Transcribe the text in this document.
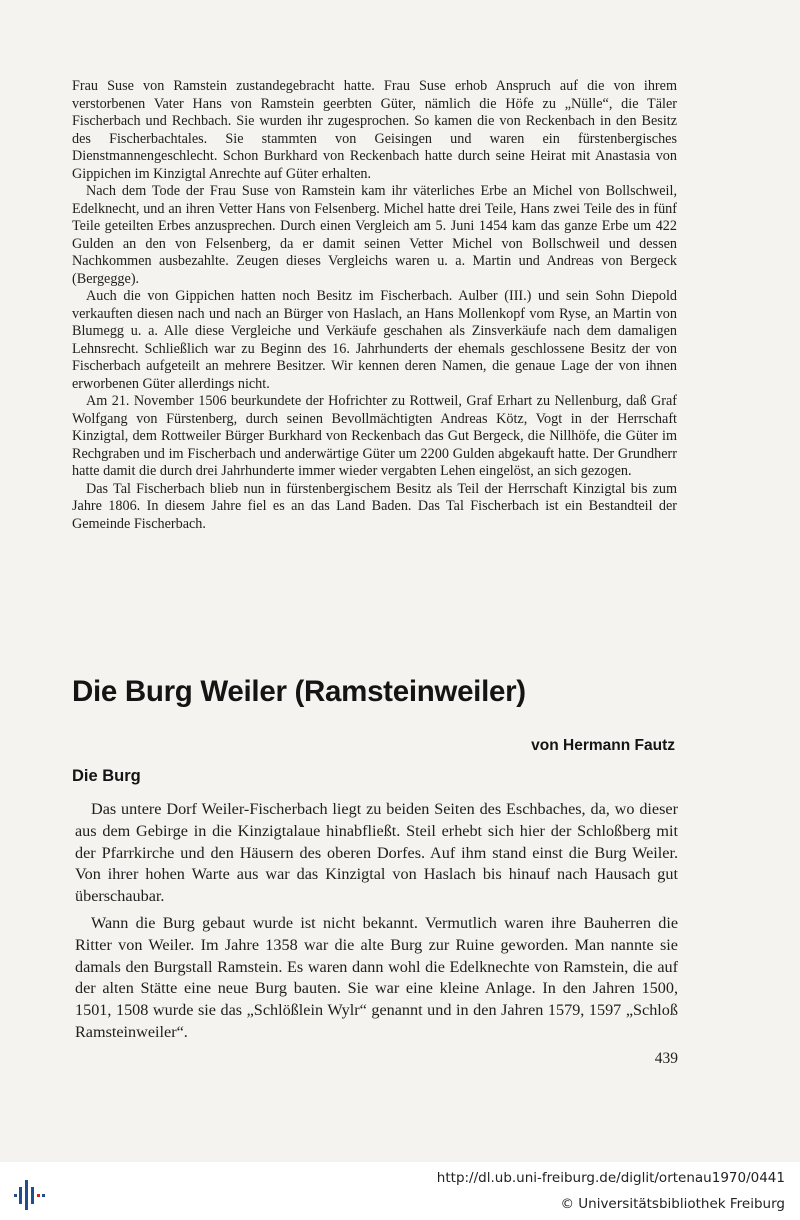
Frau Suse von Ramstein zustandegebracht hatte. Frau Suse erhob Anspruch auf die von ihrem verstorbenen Vater Hans von Ramstein geerbten Güter, nämlich die Höfe zu „Nülle“, die Täler Fischerbach und Rechbach. Sie wurden ihr zugesprochen. So kamen die von Reckenbach in den Besitz des Fischerbachtales. Sie stammten von Geisingen und waren ein fürstenbergisches Dienstmannengeschlecht. Schon Burkhard von Reckenbach hatte durch seine Heirat mit Anastasia von Gippichen im Kinzigtal Anrechte auf Güter erhalten.

Nach dem Tode der Frau Suse von Ramstein kam ihr väterliches Erbe an Michel von Bollschweil, Edelknecht, und an ihren Vetter Hans von Felsenberg. Michel hatte drei Teile, Hans zwei Teile des in fünf Teile geteilten Erbes anzusprechen. Durch einen Vergleich am 5. Juni 1454 kam das ganze Erbe um 422 Gulden an den von Felsenberg, da er damit seinen Vetter Michel von Bollschweil und dessen Nachkommen ausbezahlte. Zeugen dieses Vergleichs waren u. a. Martin und Andreas von Bergeck (Bergegge).

Auch die von Gippichen hatten noch Besitz im Fischerbach. Aulber (III.) und sein Sohn Diepold verkauften diesen nach und nach an Bürger von Haslach, an Hans Mollenkopf vom Ryse, an Martin von Blumegg u. a. Alle diese Vergleiche und Verkäufe geschahen als Zinsverkäufe nach dem damaligen Lehnsrecht. Schließlich war zu Beginn des 16. Jahrhunderts der ehemals geschlossene Besitz der von Fischerbach aufgeteilt an mehrere Besitzer. Wir kennen deren Namen, die genaue Lage der von ihnen erworbenen Güter allerdings nicht.

Am 21. November 1506 beurkundete der Hofrichter zu Rottweil, Graf Erhart zu Nellenburg, daß Graf Wolfgang von Fürstenberg, durch seinen Bevollmächtigten Andreas Kötz, Vogt in der Herrschaft Kinzigtal, dem Rottweiler Bürger Burkhard von Reckenbach das Gut Bergeck, die Nillhöfe, die Güter im Rechgraben und im Fischerbach und anderwärtige Güter um 2200 Gulden abgekauft hatte. Der Grundherr hatte damit die durch drei Jahrhunderte immer wieder vergabten Lehen eingelöst, an sich gezogen.

Das Tal Fischerbach blieb nun in fürstenbergischem Besitz als Teil der Herrschaft Kinzigtal bis zum Jahre 1806. In diesem Jahre fiel es an das Land Baden. Das Tal Fischerbach ist ein Bestandteil der Gemeinde Fischerbach.

Die Burg Weiler (Ramsteinweiler)
von Hermann Fautz
Die Burg

Das untere Dorf Weiler-Fischerbach liegt zu beiden Seiten des Eschbaches, da, wo dieser aus dem Gebirge in die Kinzigtalaue hinabfließt. Steil erhebt sich hier der Schloßberg mit der Pfarrkirche und den Häusern des oberen Dorfes. Auf ihm stand einst die Burg Weiler. Von ihrer hohen Warte aus war das Kinzigtal von Haslach bis hinauf nach Hausach gut überschaubar.

Wann die Burg gebaut wurde ist nicht bekannt. Vermutlich waren ihre Bauherren die Ritter von Weiler. Im Jahre 1358 war die alte Burg zur Ruine geworden. Man nannte sie damals den Burgstall Ramstein. Es waren dann wohl die Edelknechte von Ramstein, die auf der alten Stätte eine neue Burg bauten. Sie war eine kleine Anlage. In den Jahren 1500, 1501, 1508 wurde sie das „Schlößlein Wylr“ genannt und in den Jahren 1579, 1597 „Schloß Ramsteinweiler“.

439
http://dl.ub.uni-freiburg.de/diglit/ortenau1970/0441
© Universitätsbibliothek Freiburg
